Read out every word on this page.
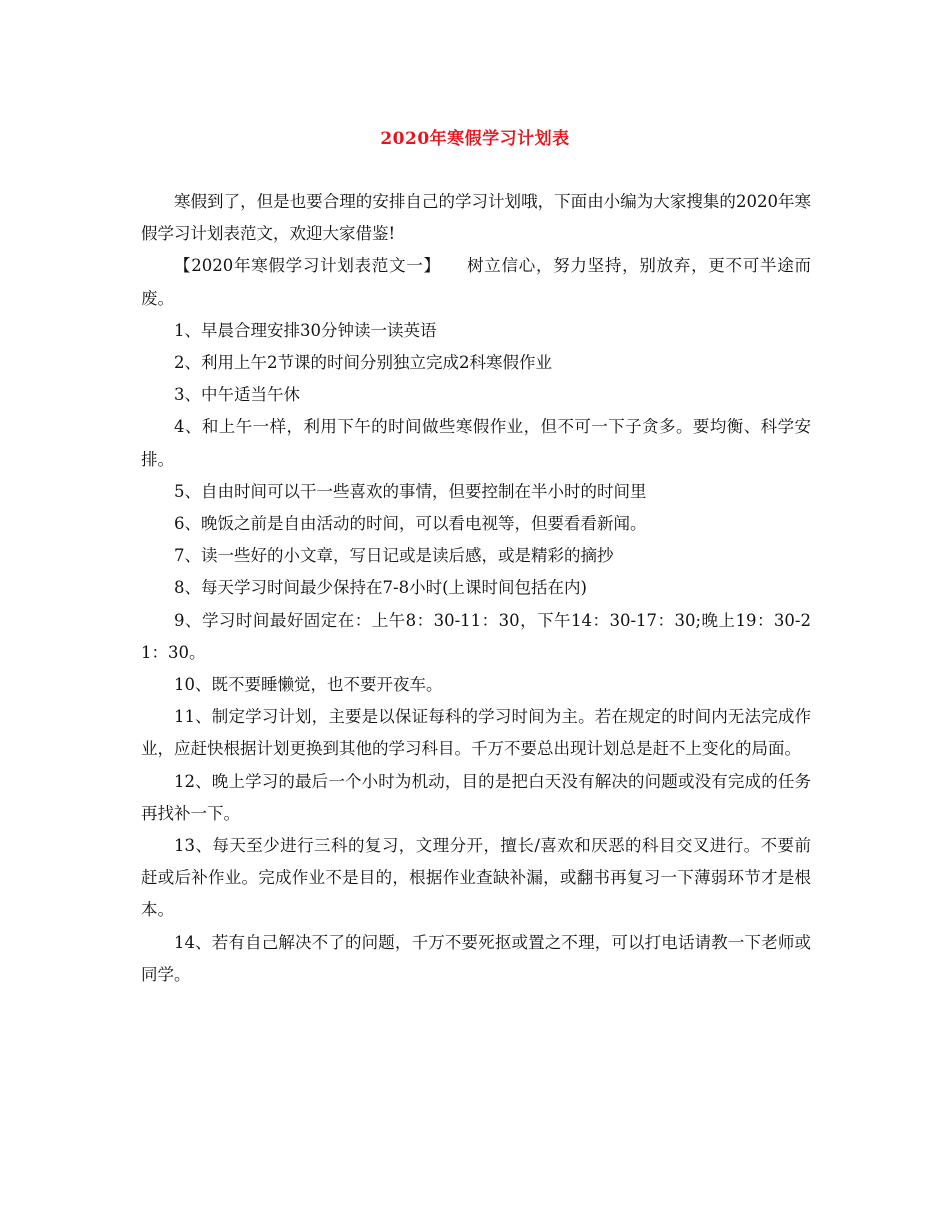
2020年寒假学习计划表

寒假到了，但是也要合理的安排自己的学习计划哦，下面由小编为大家搜集的2020年寒假学习计划表范文，欢迎大家借鉴!

【2020年寒假学习计划表范文一】　　树立信心，努力坚持，别放弃，更不可半途而废。

1、早晨合理安排30分钟读一读英语

2、利用上午2节课的时间分别独立完成2科寒假作业

3、中午适当午休

4、和上午一样，利用下午的时间做些寒假作业，但不可一下子贪多。要均衡、科学安排。

5、自由时间可以干一些喜欢的事情，但要控制在半小时的时间里

6、晚饭之前是自由活动的时间，可以看电视等，但要看看新闻。

7、读一些好的小文章，写日记或是读后感，或是精彩的摘抄

8、每天学习时间最少保持在7-8小时(上课时间包括在内)

9、学习时间最好固定在：上午8：30-11：30，下午14：30-17：30;晚上19：30-21：30。

10、既不要睡懒觉，也不要开夜车。

11、制定学习计划，主要是以保证每科的学习时间为主。若在规定的时间内无法完成作业，应赶快根据计划更换到其他的学习科目。千万不要总出现计划总是赶不上变化的局面。

12、晚上学习的最后一个小时为机动，目的是把白天没有解决的问题或没有完成的任务再找补一下。

13、每天至少进行三科的复习，文理分开，擅长/喜欢和厌恶的科目交叉进行。不要前赶或后补作业。完成作业不是目的，根据作业查缺补漏，或翻书再复习一下薄弱环节才是根本。

14、若有自己解决不了的问题，千万不要死抠或置之不理，可以打电话请教一下老师或同学。
